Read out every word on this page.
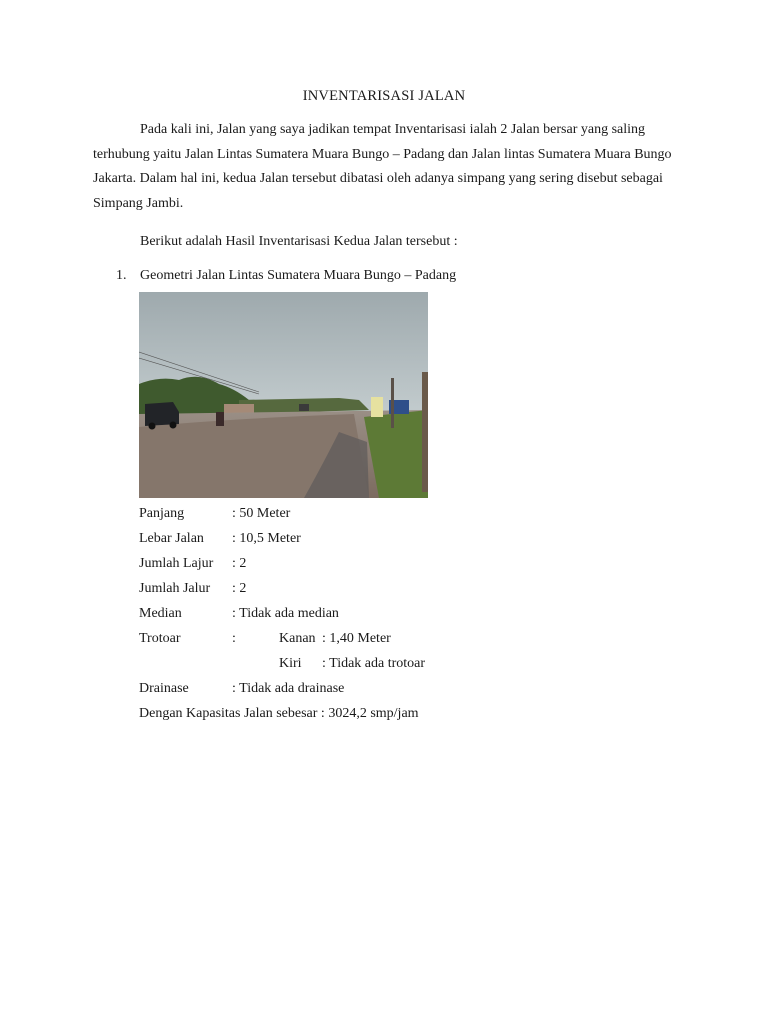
INVENTARISASI JALAN
Pada kali ini, Jalan yang saya jadikan tempat Inventarisasi ialah 2 Jalan bersar yang saling terhubung yaitu Jalan Lintas Sumatera Muara Bungo – Padang dan Jalan lintas Sumatera Muara Bungo Jakarta. Dalam hal ini, kedua Jalan tersebut dibatasi oleh adanya simpang yang sering disebut sebagai Simpang Jambi.
Berikut adalah Hasil Inventarisasi Kedua Jalan tersebut :
1. Geometri Jalan Lintas Sumatera Muara Bungo – Padang
Panjang	: 50 Meter
Lebar Jalan : 10,5 Meter
Jumlah Lajur : 2
Jumlah Jalur : 2
Median	: Tidak ada median
Trotoar	:	Kanan : 1,40 Meter
Kiri : Tidak ada trotoar
Drainase	: Tidak ada drainase
Dengan Kapasitas Jalan sebesar : 3024,2 smp/jam
